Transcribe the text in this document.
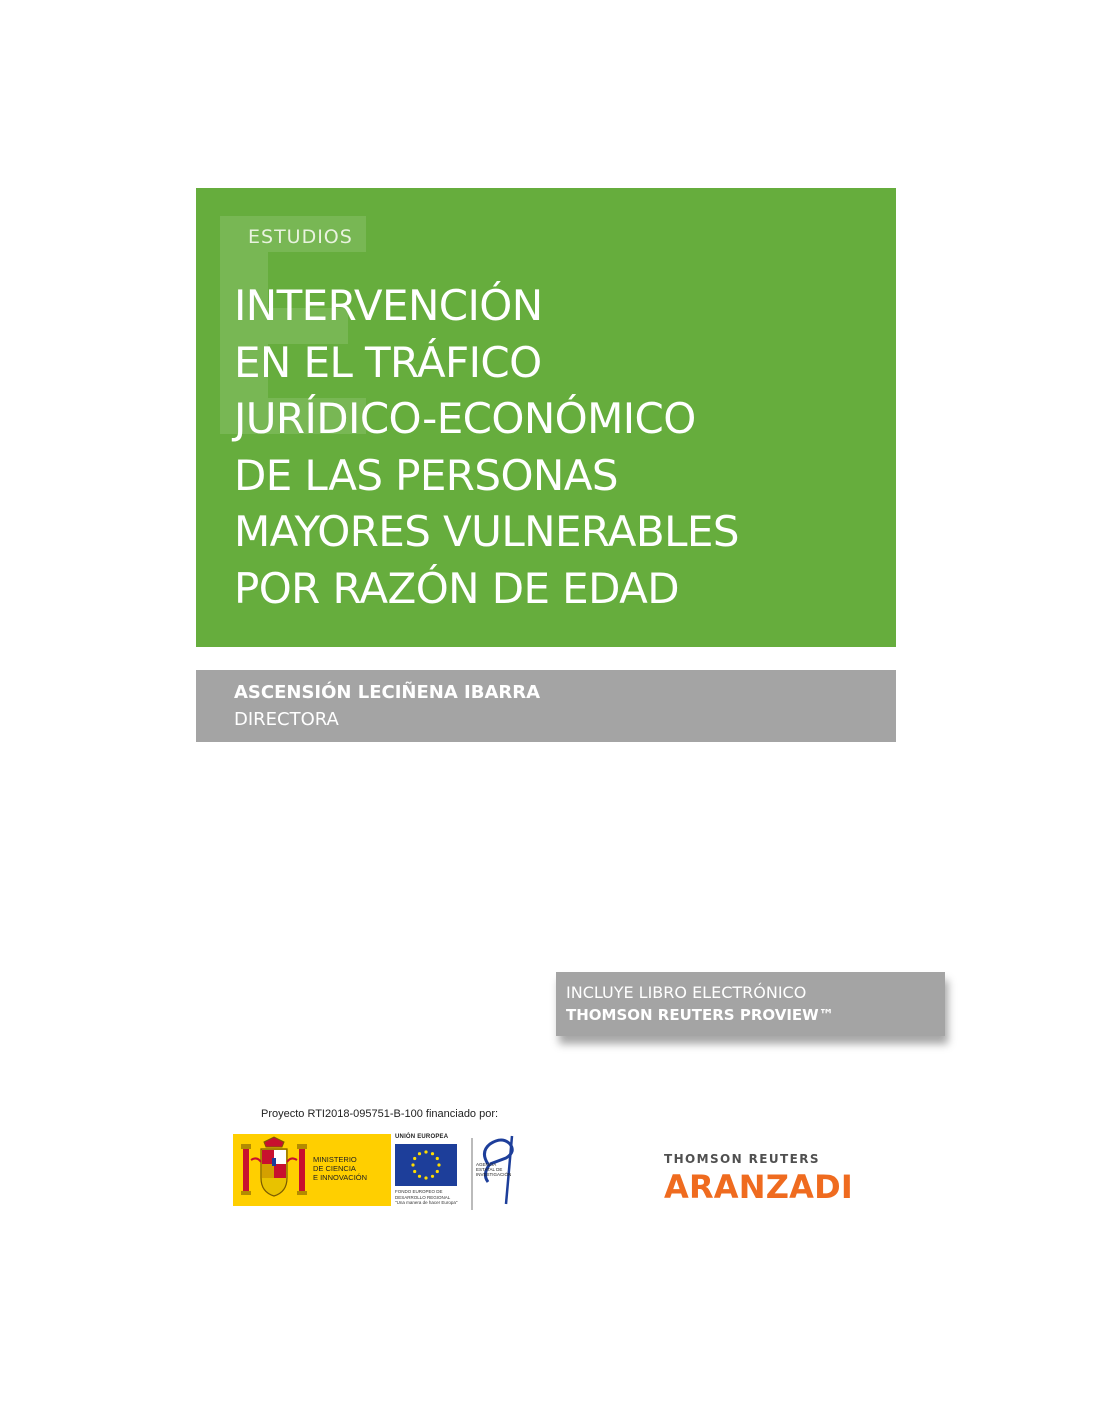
ESTUDIOS
INTERVENCIÓN
EN EL TRÁFICO
JURÍDICO-ECONÓMICO
DE LAS PERSONAS
MAYORES VULNERABLES
POR RAZÓN DE EDAD
ASCENSIÓN LECIÑENA IBARRA
DIRECTORA
INCLUYE LIBRO ELECTRÓNICO
THOMSON REUTERS PROVIEW™
Proyecto RTI2018-095751-B-100 financiado por:
MINISTERIO
DE CIENCIA
E INNOVACIÓN
UNIÓN EUROPEA
FONDO EUROPEO DE
DESARROLLO REGIONAL
"Una manera de hacer Europa"
AGENCIA
ESTATAL DE
INVESTIGACIÓN
THOMSON REUTERS
ARANZADI
